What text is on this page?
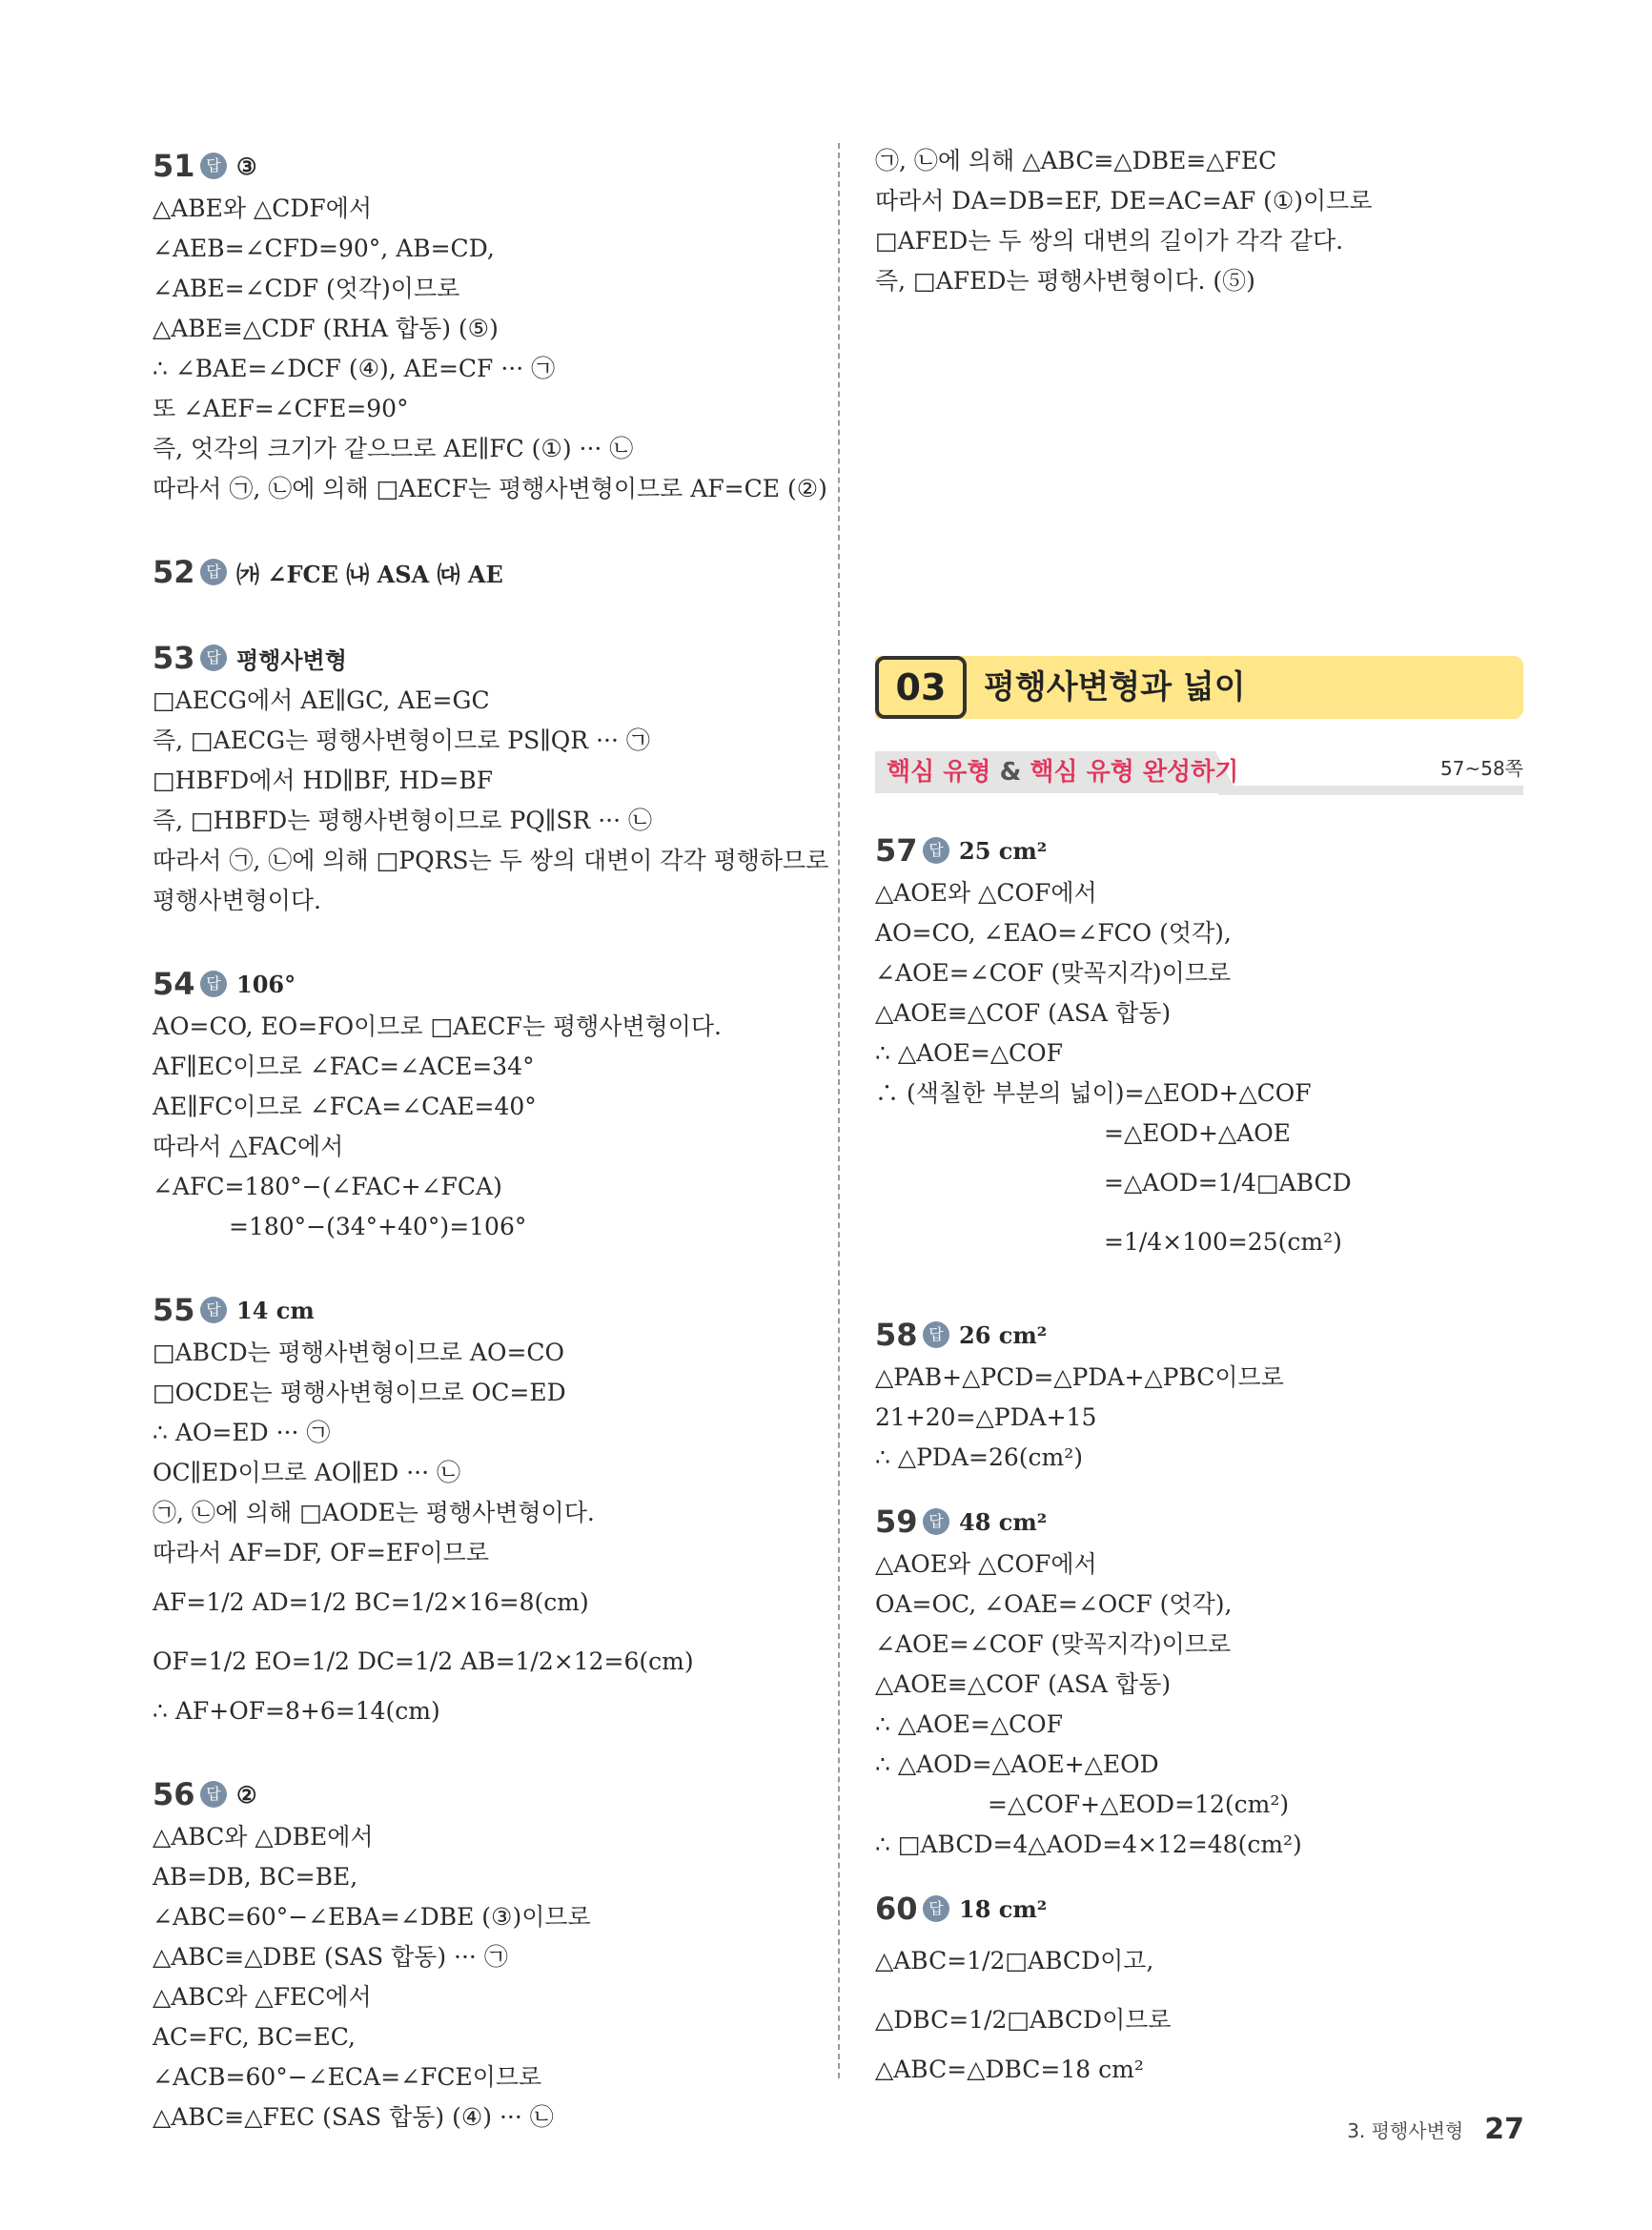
51 답 ③
△ABE와 △CDF에서
∠AEB=∠CFD=90°, AB=CD,
∠ABE=∠CDF (엇각)이므로
△ABE≡△CDF (RHA 합동) (⑤)
∴ ∠BAE=∠DCF (④), AE=CF ··· ㉠
또 ∠AEF=∠CFE=90°
즉, 엇각의 크기가 같으므로 AE∥FC (①) ··· ㉡
따라서 ㉠, ㉡에 의해 □AECF는 평행사변형이므로 AF=CE (②)
52 답 ㈎ ∠FCE ㈏ ASA ㈐ AE
53 답 평행사변형
□AECG에서 AE∥GC, AE=GC
즉, □AECG는 평행사변형이므로 PS∥QR ··· ㉠
□HBFD에서 HD∥BF, HD=BF
즉, □HBFD는 평행사변형이므로 PQ∥SR ··· ㉡
따라서 ㉠, ㉡에 의해 □PQRS는 두 쌍의 대변이 각각 평행하므로
평행사변형이다.
54 답 106°
AO=CO, EO=FO이므로 □AECF는 평행사변형이다.
AF∥EC이므로 ∠FAC=∠ACE=34°
AE∥FC이므로 ∠FCA=∠CAE=40°
따라서 △FAC에서
∠AFC=180°−(∠FAC+∠FCA)
=180°−(34°+40°)=106°
55 답 14 cm
□ABCD는 평행사변형이므로 AO=CO
□OCDE는 평행사변형이므로 OC=ED
∴ AO=ED ··· ㉠
OC∥ED이므로 AO∥ED ··· ㉡
㉠, ㉡에 의해 □AODE는 평행사변형이다.
따라서 AF=DF, OF=EF이므로
AF=1/2 AD=1/2 BC=1/2×16=8(cm)
OF=1/2 EO=1/2 DC=1/2 AB=1/2×12=6(cm)
∴ AF+OF=8+6=14(cm)
56 답 ②
△ABC와 △DBE에서
AB=DB, BC=BE,
∠ABC=60°−∠EBA=∠DBE (③)이므로
△ABC≡△DBE (SAS 합동) ··· ㉠
△ABC와 △FEC에서
AC=FC, BC=EC,
∠ACB=60°−∠ECA=∠FCE이므로
△ABC≡△FEC (SAS 합동) (④) ··· ㉡
㉠, ㉡에 의해 △ABC≡△DBE≡△FEC
따라서 DA=DB=EF, DE=AC=AF (①)이므로
□AFED는 두 쌍의 대변의 길이가 각각 같다.
즉, □AFED는 평행사변형이다. (⑤)
03	평행사변형과 넓이
핵심 유형 & 핵심 유형 완성하기	57~58쪽
57 답 25 cm²
△AOE와 △COF에서
AO=CO, ∠EAO=∠FCO (엇각),
∠AOE=∠COF (맞꼭지각)이므로
△AOE≡△COF (ASA 합동)
∴ △AOE=△COF
∴ (색칠한 부분의 넓이)=△EOD+△COF
=△EOD+△AOE
=△AOD=1/4□ABCD
=1/4×100=25(cm²)
58 답 26 cm²
△PAB+△PCD=△PDA+△PBC이므로
21+20=△PDA+15
∴ △PDA=26(cm²)
59 답 48 cm²
△AOE와 △COF에서
OA=OC, ∠OAE=∠OCF (엇각),
∠AOE=∠COF (맞꼭지각)이므로
△AOE≡△COF (ASA 합동)
∴ △AOE=△COF
∴ △AOD=△AOE+△EOD
=△COF+△EOD=12(cm²)
∴ □ABCD=4△AOD=4×12=48(cm²)
60 답 18 cm²
△ABC=1/2□ABCD이고,
△DBC=1/2□ABCD이므로
△ABC=△DBC=18 cm²
3. 평행사변형 27
